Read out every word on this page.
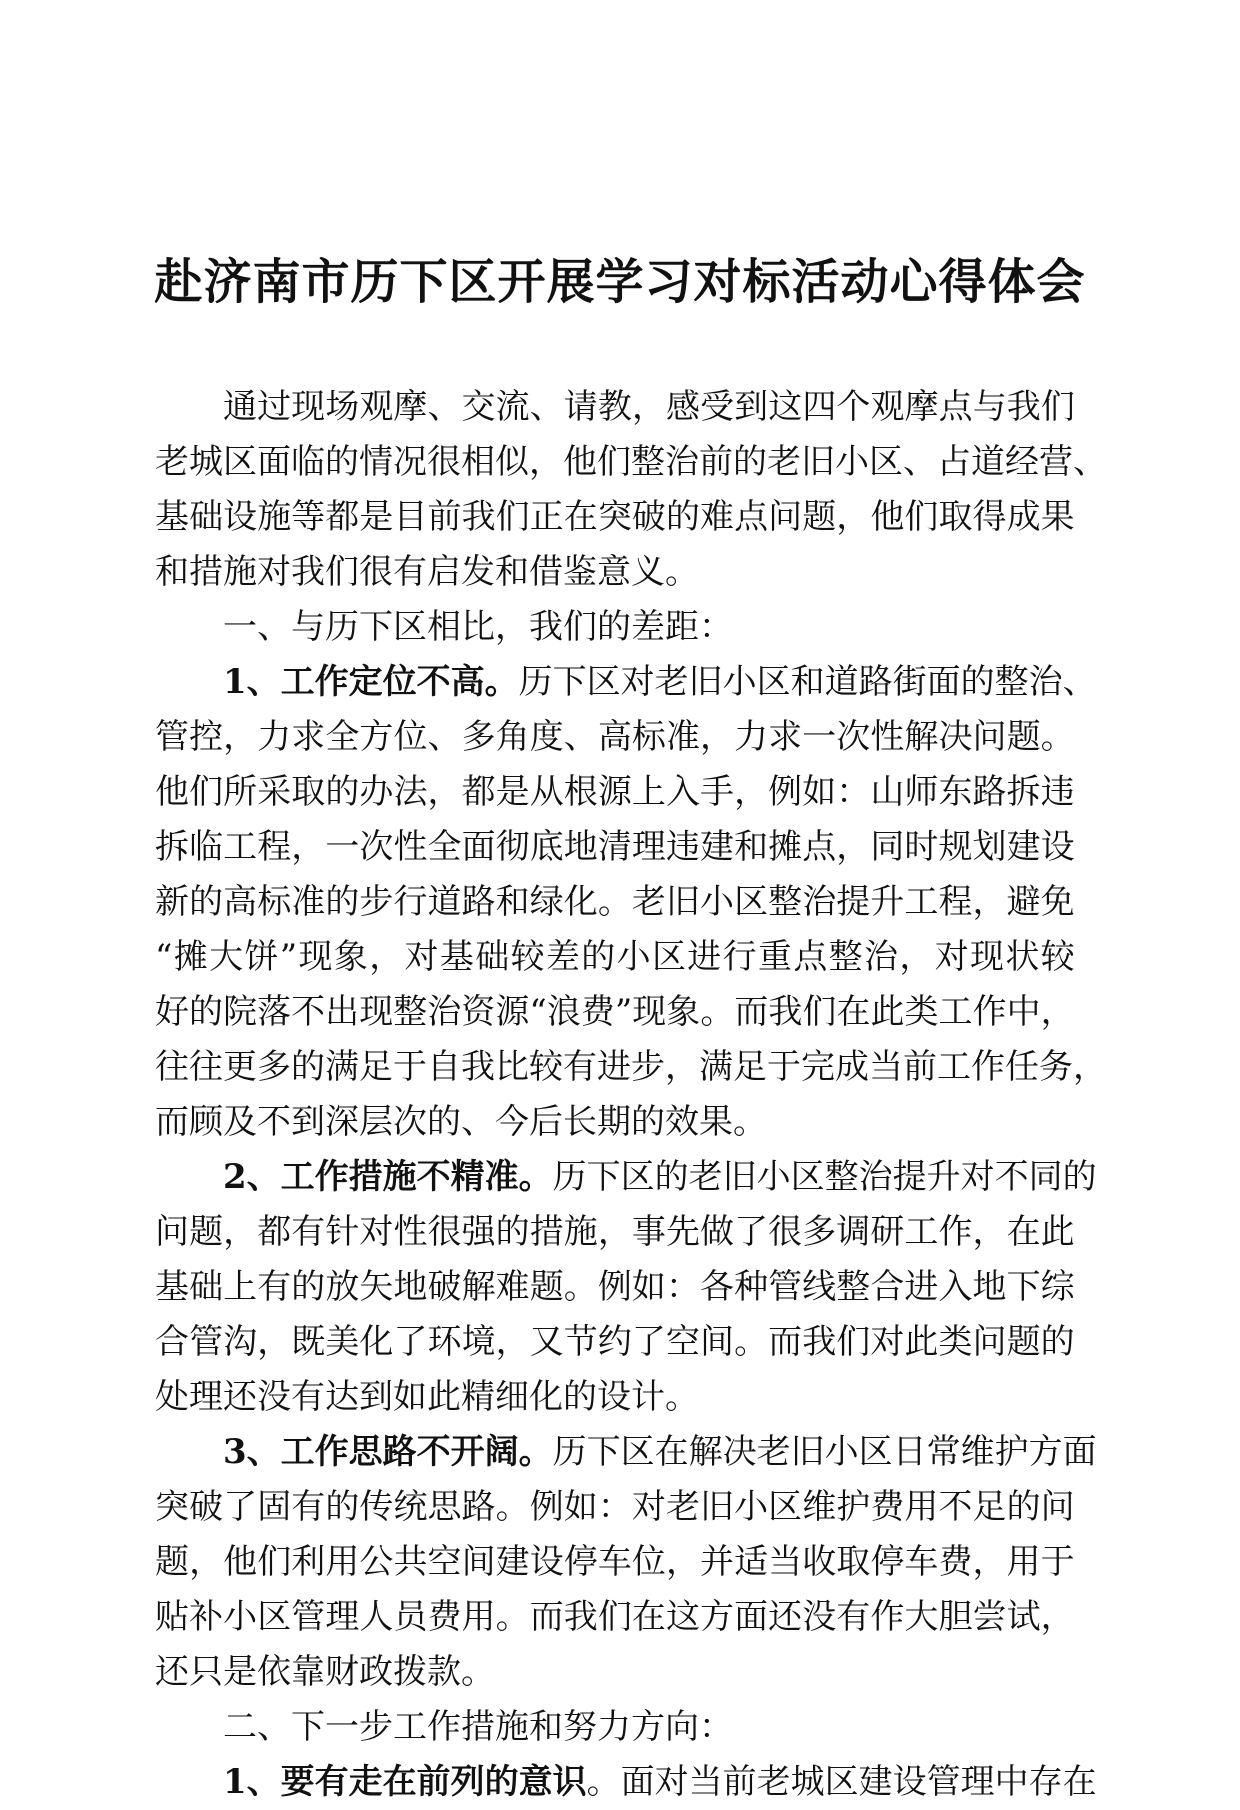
赴济南市历下区开展学习对标活动心得体会
通 过 现 场 观 摩 、 交 流 、 请 教 ， 感 受 到 这 四 个 观 摩 点 与 我 们
老 城 区 面 临 的 情 况 很 相 似 ， 他 们 整 治 前 的 老 旧 小 区 、 占 道 经 营 、
基 础 设 施 等 都 是 目 前 我 们 正 在 突 破 的 难 点 问 题 ， 他 们 取 得 成 果
和措施对我们很有启发和借鉴意义。
一、与历下区相比，我们的差距：
1 、 工 作 定 位 不 高 。 历 下 区 对 老 旧 小 区 和 道 路 街 面 的 整 治 、
管 控 ， 力 求 全 方 位 、 多 角 度 、 高 标 准 ， 力 求 一 次 性 解 决 问 题 。
他 们 所 采 取 的 办 法 ， 都 是 从 根 源 上 入 手 ， 例 如 ： 山 师 东 路 拆 违
拆 临 工 程 ， 一 次 性 全 面 彻 底 地 清 理 违 建 和 摊 点 ， 同 时 规 划 建 设
新 的 高 标 准 的 步 行 道 路 和 绿 化 。 老 旧 小 区 整 治 提 升 工 程 ， 避 免
“ 摊 大 饼 ” 现 象 ， 对 基 础 较 差 的 小 区 进 行 重 点 整 治 ， 对 现 状 较
好 的 院 落 不 出 现 整 治 资 源 “ 浪 费 ” 现 象 。 而 我 们 在 此 类 工 作 中 ，
往 往 更 多 的 满 足 于 自 我 比 较 有 进 步 ， 满 足 于 完 成 当 前 工 作 任 务 ，
而顾及不到深层次的、今后长期的效果。
2 、 工 作 措 施 不 精 准 。 历 下 区 的 老 旧 小 区 整 治 提 升 对 不 同 的
问 题 ， 都 有 针 对 性 很 强 的 措 施 ， 事 先 做 了 很 多 调 研 工 作 ， 在 此
基 础 上 有 的 放 矢 地 破 解 难 题 。 例 如 ： 各 种 管 线 整 合 进 入 地 下 综
合 管 沟 ， 既 美 化 了 环 境 ， 又 节 约 了 空 间 。 而 我 们 对 此 类 问 题 的
处理还没有达到如此精细化的设计。
3 、 工 作 思 路 不 开 阔 。 历 下 区 在 解 决 老 旧 小 区 日 常 维 护 方 面
突 破 了 固 有 的 传 统 思 路 。 例 如 ： 对 老 旧 小 区 维 护 费 用 不 足 的 问
题 ， 他 们 利 用 公 共 空 间 建 设 停 车 位 ， 并 适 当 收 取 停 车 费 ， 用 于
贴 补 小 区 管 理 人 员 费 用 。 而 我 们 在 这 方 面 还 没 有 作 大 胆 尝 试 ，
还只是依靠财政拨款。
二、下一步工作措施和努力方向：
1 、 要 有 走 在 前 列 的 意 识 。 面 对 当 前 老 城 区 建 设 管 理 中 存 在
